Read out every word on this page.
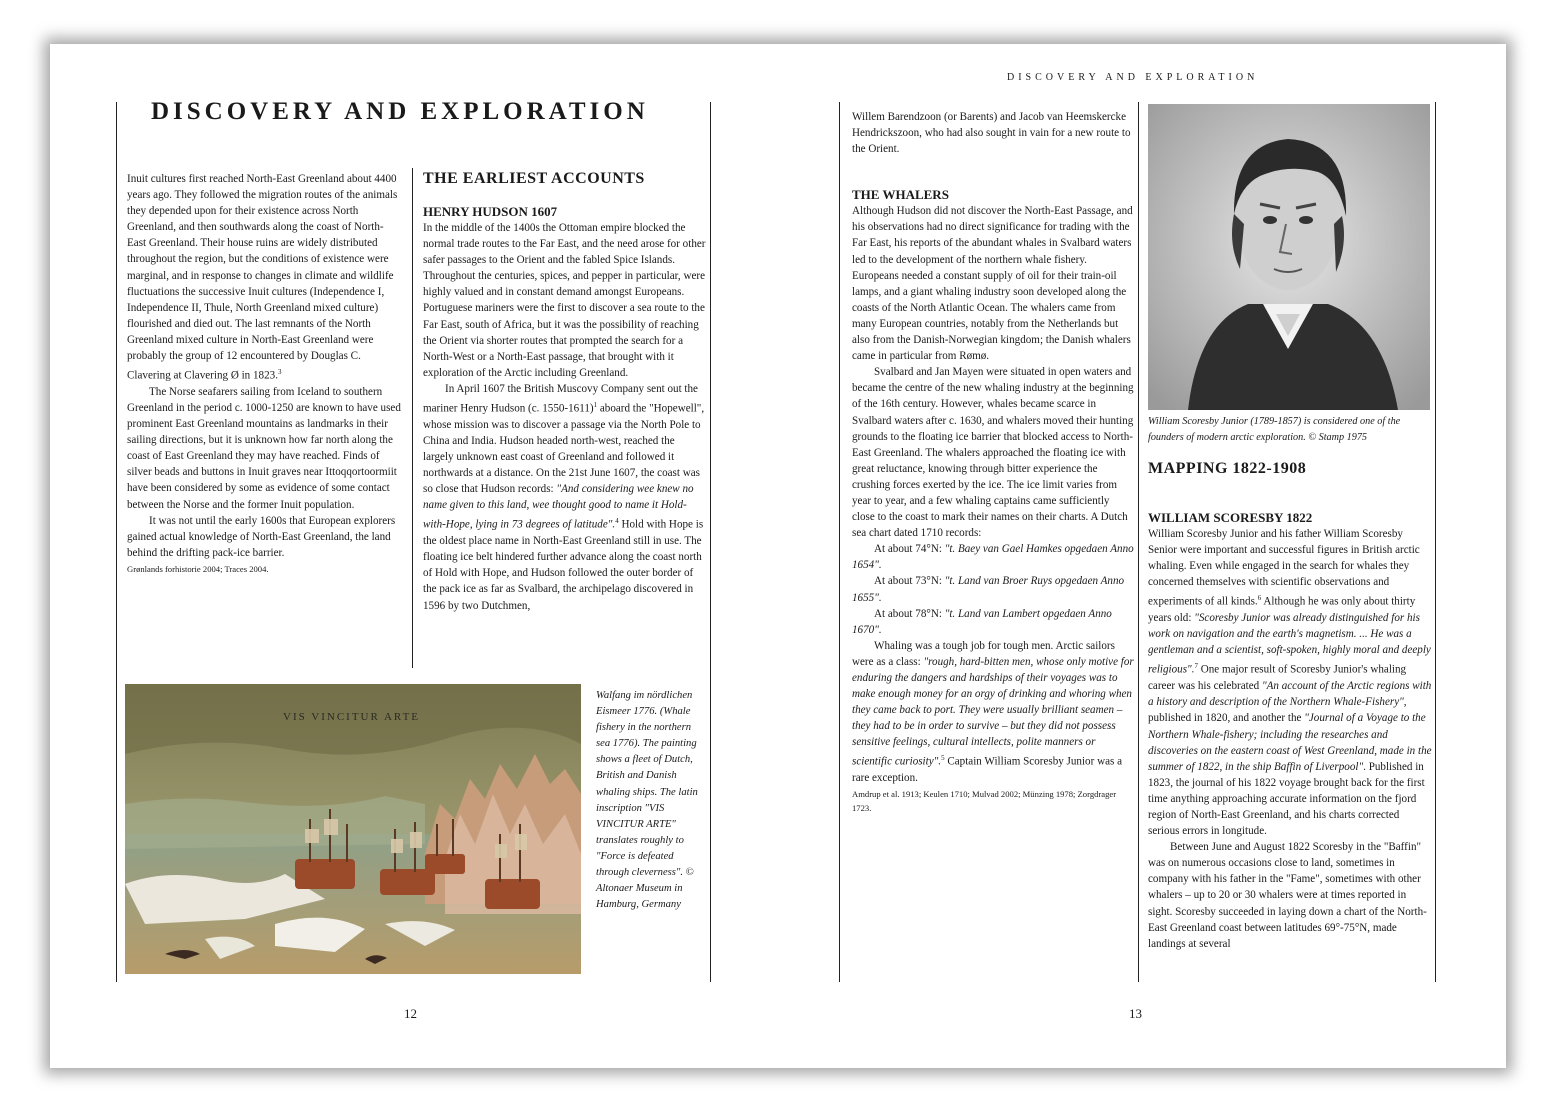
DISCOVERY AND EXPLORATION

Inuit cultures first reached North-East Greenland about 4400 years ago. They followed the migration routes of the animals they depended upon for their existence across North Greenland, and then southwards along the coast of North-East Greenland. Their house ruins are widely distributed throughout the region, but the conditions of existence were marginal, and in response to changes in climate and wildlife fluctuations the successive Inuit cultures (Independence I, Independence II, Thule, North Greenland mixed culture) flourished and died out. The last remnants of the North Greenland mixed culture in North-East Greenland were probably the group of 12 encountered by Douglas C. Clavering at Clavering Ø in 1823.$^3$

The Norse seafarers sailing from Iceland to southern Greenland in the period c. 1000-1250 are known to have used prominent East Greenland mountains as landmarks in their sailing directions, but it is unknown how far north along the coast of East Greenland they may have reached. Finds of silver beads and buttons in Inuit graves near Ittoqqortoormiit have been considered by some as evidence of some contact between the Norse and the former Inuit population.

It was not until the early 1600s that European explorers gained actual knowledge of North-East Greenland, the land behind the drifting pack-ice barrier.

Grønlands forhistorie 2004; Traces 2004.

THE EARLIEST ACCOUNTS
HENRY HUDSON 1607

In the middle of the 1400s the Ottoman empire blocked the normal trade routes to the Far East, and the need arose for other safer passages to the Orient and the fabled Spice Islands. Throughout the centuries, spices, and pepper in particular, were highly valued and in constant demand amongst Europeans. Portuguese mariners were the first to discover a sea route to the Far East, south of Africa, but it was the possibility of reaching the Orient via shorter routes that prompted the search for a North-West or a North-East passage, that brought with it exploration of the Arctic including Greenland.

In April 1607 the British Muscovy Company sent out the mariner Henry Hudson (c. 1550-1611)$^1$ aboard the "Hopewell", whose mission was to discover a passage via the North Pole to China and India. Hudson headed north-west, reached the largely unknown east coast of Greenland and followed it northwards at a distance. On the 21st June 1607, the coast was so close that Hudson records: "And considering wee knew no name given to this land, wee thought good to name it Hold-with-Hope, lying in 73 degrees of latitude".$^4$ Hold with Hope is the oldest place name in North-East Greenland still in use. The floating ice belt hindered further advance along the coast north of Hold with Hope, and Hudson followed the outer border of the pack ice as far as Svalbard, the archipelago discovered in 1596 by two Dutchmen,

VIS VINCITUR ARTE
Walfang im nördlichen Eismeer 1776. (Whale fishery in the northern sea 1776). The painting shows a fleet of Dutch, British and Danish whaling ships. The latin inscription "VIS VINCITUR ARTE" translates roughly to "Force is defeated through cleverness". © Altonaer Museum in Hamburg, Germany
12
DISCOVERY AND EXPLORATION

Willem Barendzoon (or Barents) and Jacob van Heemskercke Hendrickszoon, who had also sought in vain for a new route to the Orient.

THE WHALERS

Although Hudson did not discover the North-East Passage, and his observations had no direct significance for trading with the Far East, his reports of the abundant whales in Svalbard waters led to the development of the northern whale fishery. Europeans needed a constant supply of oil for their train-oil lamps, and a giant whaling industry soon developed along the coasts of the North Atlantic Ocean. The whalers came from many European countries, notably from the Netherlands but also from the Danish-Norwegian kingdom; the Danish whalers came in particular from Rømø.

Svalbard and Jan Mayen were situated in open waters and became the centre of the new whaling industry at the beginning of the 16th century. However, whales became scarce in Svalbard waters after c. 1630, and whalers moved their hunting grounds to the floating ice barrier that blocked access to North-East Greenland. The whalers approached the floating ice with great reluctance, knowing through bitter experience the crushing forces exerted by the ice. The ice limit varies from year to year, and a few whaling captains came sufficiently close to the coast to mark their names on their charts. A Dutch sea chart dated 1710 records:

At about 74°N: "t. Baey van Gael Hamkes opgedaen Anno 1654".

At about 73°N: "t. Land van Broer Ruys opgedaen Anno 1655".

At about 78°N: "t. Land van Lambert opgedaen Anno 1670".

Whaling was a tough job for tough men. Arctic sailors were as a class: "rough, hard-bitten men, whose only motive for enduring the dangers and hardships of their voyages was to make enough money for an orgy of drinking and whoring when they came back to port. They were usually brilliant seamen – they had to be in order to survive – but they did not possess sensitive feelings, cultural intellects, polite manners or scientific curiosity".$^5$ Captain William Scoresby Junior was a rare exception.

Amdrup et al. 1913; Keulen 1710; Mulvad 2002; Münzing 1978; Zorgdrager 1723.

William Scoresby Junior (1789-1857) is considered one of the founders of modern arctic exploration. © Stamp 1975
MAPPING 1822-1908
WILLIAM SCORESBY 1822

William Scoresby Junior and his father William Scoresby Senior were important and successful figures in British arctic whaling. Even while engaged in the search for whales they concerned themselves with scientific observations and experiments of all kinds.$^6$ Although he was only about thirty years old: "Scoresby Junior was already distinguished for his work on navigation and the earth's magnetism. ... He was a gentleman and a scientist, soft-spoken, highly moral and deeply religious".$^7$ One major result of Scoresby Junior's whaling career was his celebrated "An account of the Arctic regions with a history and description of the Northern Whale-Fishery", published in 1820, and another the "Journal of a Voyage to the Northern Whale-fishery; including the researches and discoveries on the eastern coast of West Greenland, made in the summer of 1822, in the ship Baffin of Liverpool". Published in 1823, the journal of his 1822 voyage brought back for the first time anything approaching accurate information on the fjord region of North-East Greenland, and his charts corrected serious errors in longitude.

Between June and August 1822 Scoresby in the "Baffin" was on numerous occasions close to land, sometimes in company with his father in the "Fame", sometimes with other whalers – up to 20 or 30 whalers were at times reported in sight. Scoresby succeeded in laying down a chart of the North-East Greenland coast between latitudes 69°-75°N, made landings at several

13
